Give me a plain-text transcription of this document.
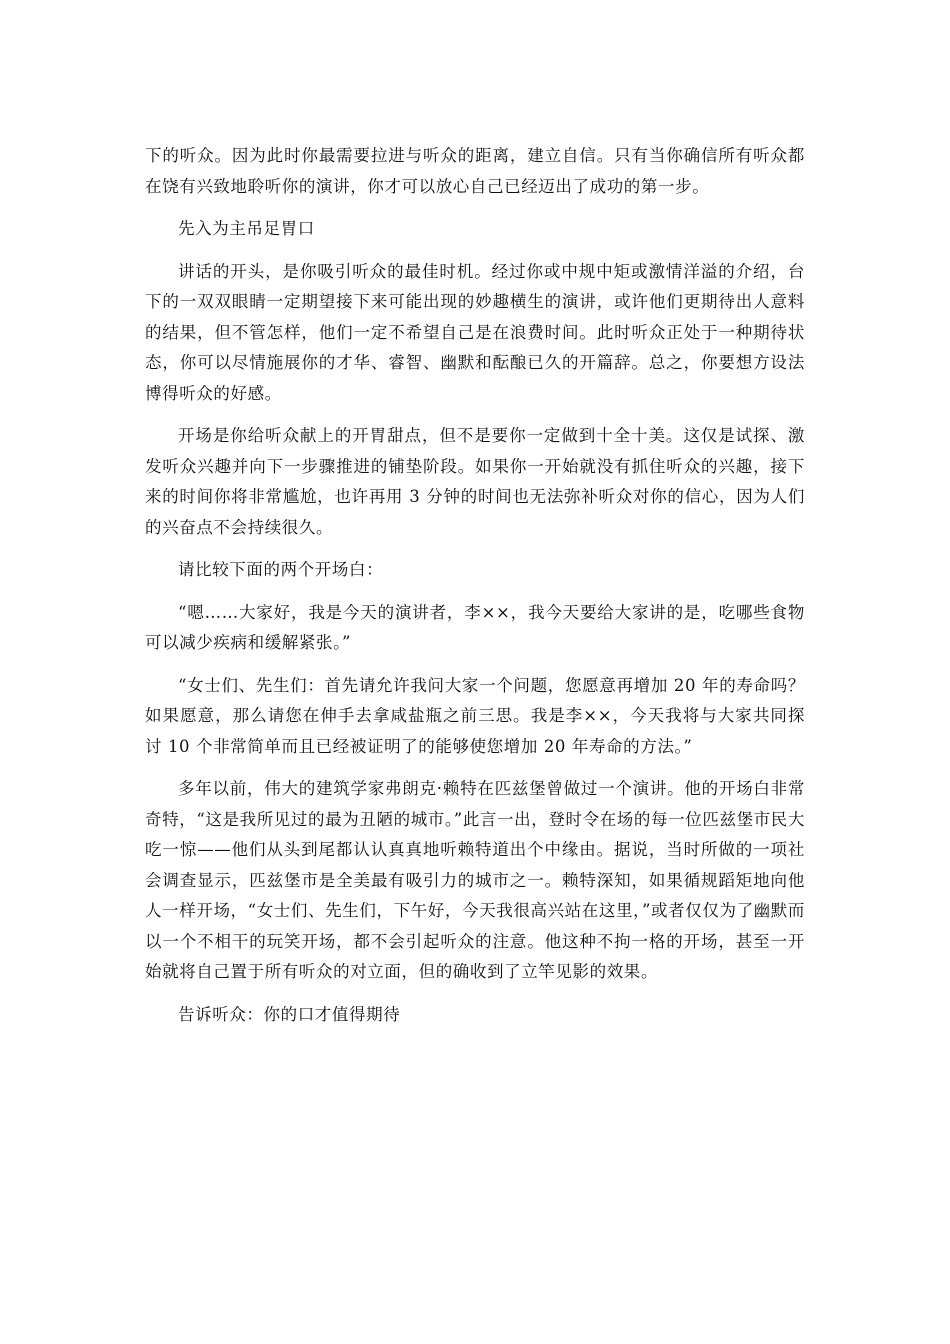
下的听众。因为此时你最需要拉进与听众的距离，建立自信。只有当你确信所有听众都在饶有兴致地聆听你的演讲，你才可以放心自己已经迈出了成功的第一步。

先入为主吊足胃口

讲话的开头，是你吸引听众的最佳时机。经过你或中规中矩或激情洋溢的介绍，台下的一双双眼睛一定期望接下来可能出现的妙趣横生的演讲，或许他们更期待出人意料的结果，但不管怎样，他们一定不希望自己是在浪费时间。此时听众正处于一种期待状态，你可以尽情施展你的才华、睿智、幽默和酝酿已久的开篇辞。总之，你要想方设法博得听众的好感。

开场是你给听众献上的开胃甜点，但不是要你一定做到十全十美。这仅是试探、激发听众兴趣并向下一步骤推进的铺垫阶段。如果你一开始就没有抓住听众的兴趣，接下来的时间你将非常尴尬，也许再用 3 分钟的时间也无法弥补听众对你的信心，因为人们的兴奋点不会持续很久。

请比较下面的两个开场白：

“嗯……大家好，我是今天的演讲者，李××，我今天要给大家讲的是，吃哪些食物可以减少疾病和缓解紧张。”

“女士们、先生们：首先请允许我问大家一个问题，您愿意再增加 20 年的寿命吗？如果愿意，那么请您在伸手去拿咸盐瓶之前三思。我是李××，今天我将与大家共同探讨 10 个非常简单而且已经被证明了的能够使您增加 20 年寿命的方法。”

多年以前，伟大的建筑学家弗朗克·赖特在匹兹堡曾做过一个演讲。他的开场白非常奇特，“这是我所见过的最为丑陋的城市。”此言一出，登时令在场的每一位匹兹堡市民大吃一惊——他们从头到尾都认认真真地听赖特道出个中缘由。据说，当时所做的一项社会调查显示，匹兹堡市是全美最有吸引力的城市之一。赖特深知，如果循规蹈矩地向他人一样开场，“女士们、先生们，下午好，今天我很高兴站在这里，”或者仅仅为了幽默而以一个不相干的玩笑开场，都不会引起听众的注意。他这种不拘一格的开场，甚至一开始就将自己置于所有听众的对立面，但的确收到了立竿见影的效果。

告诉听众：你的口才值得期待
